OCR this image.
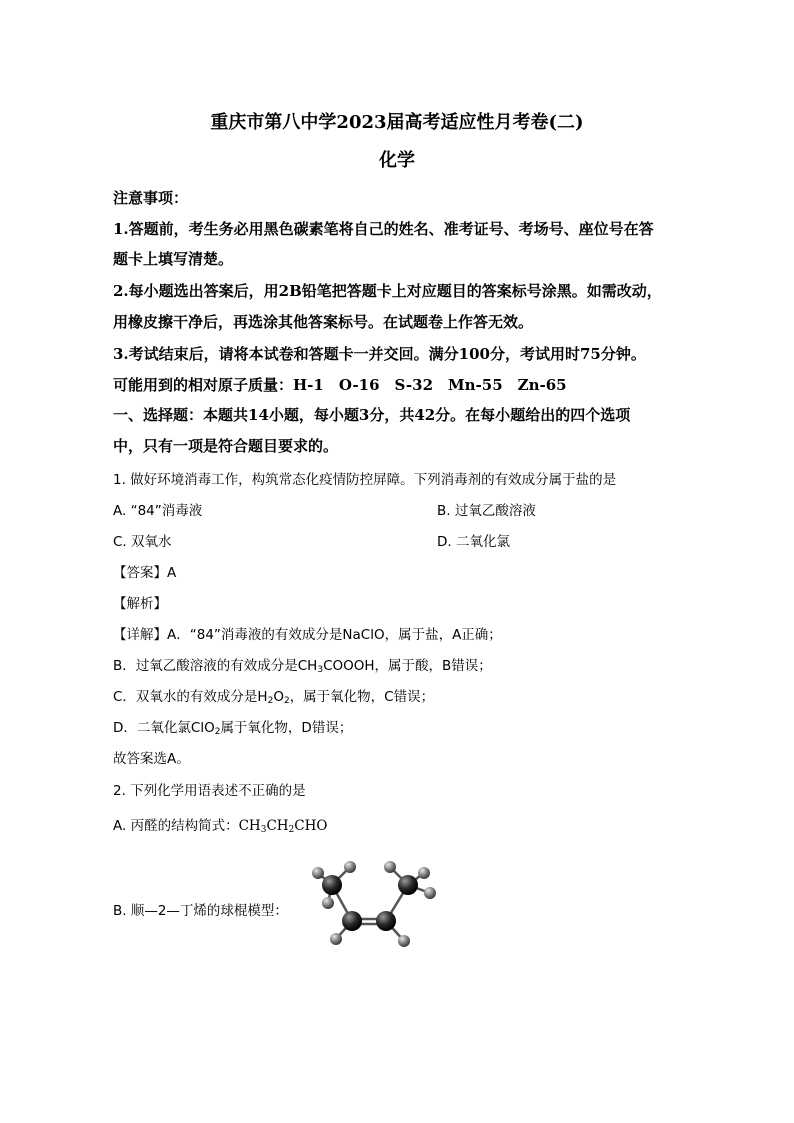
重庆市第八中学2023届高考适应性月考卷(二)
化学
注意事项：
1.答题前，考生务必用黑色碳素笔将自己的姓名、准考证号、考场号、座位号在答
题卡上填写清楚。
2.每小题选出答案后，用2B铅笔把答题卡上对应题目的答案标号涂黑。如需改动，
用橡皮擦干净后，再选涂其他答案标号。在试题卷上作答无效。
3.考试结束后，请将本试卷和答题卡一并交回。满分100分，考试用时75分钟。
可能用到的相对原子质量：H-1　O-16　S-32　Mn-55　Zn-65
一、选择题：本题共14小题，每小题3分，共42分。在每小题给出的四个选项
中，只有一项是符合题目要求的。
1. 做好环境消毒工作，构筑常态化疫情防控屏障。下列消毒剂的有效成分属于盐的是
A. “84”消毒液	B. 过氧乙酸溶液
C. 双氧水	D. 二氧化氯
【答案】A
【解析】
【详解】A．“84”消毒液的有效成分是NaClO，属于盐，A正确；
B．过氧乙酸溶液的有效成分是$CH_3COOOH$，属于酸，B错误；
C．双氧水的有效成分是$H_2O_2$，属于氧化物，C错误；
D．二氧化氯ClO$_2$属于氧化物，D错误；
故答案选A。
2. 下列化学用语表述不正确的是
A. 丙醛的结构简式：$CH_3CH_2CHO$
B. 顺—2—丁烯的球棍模型：
